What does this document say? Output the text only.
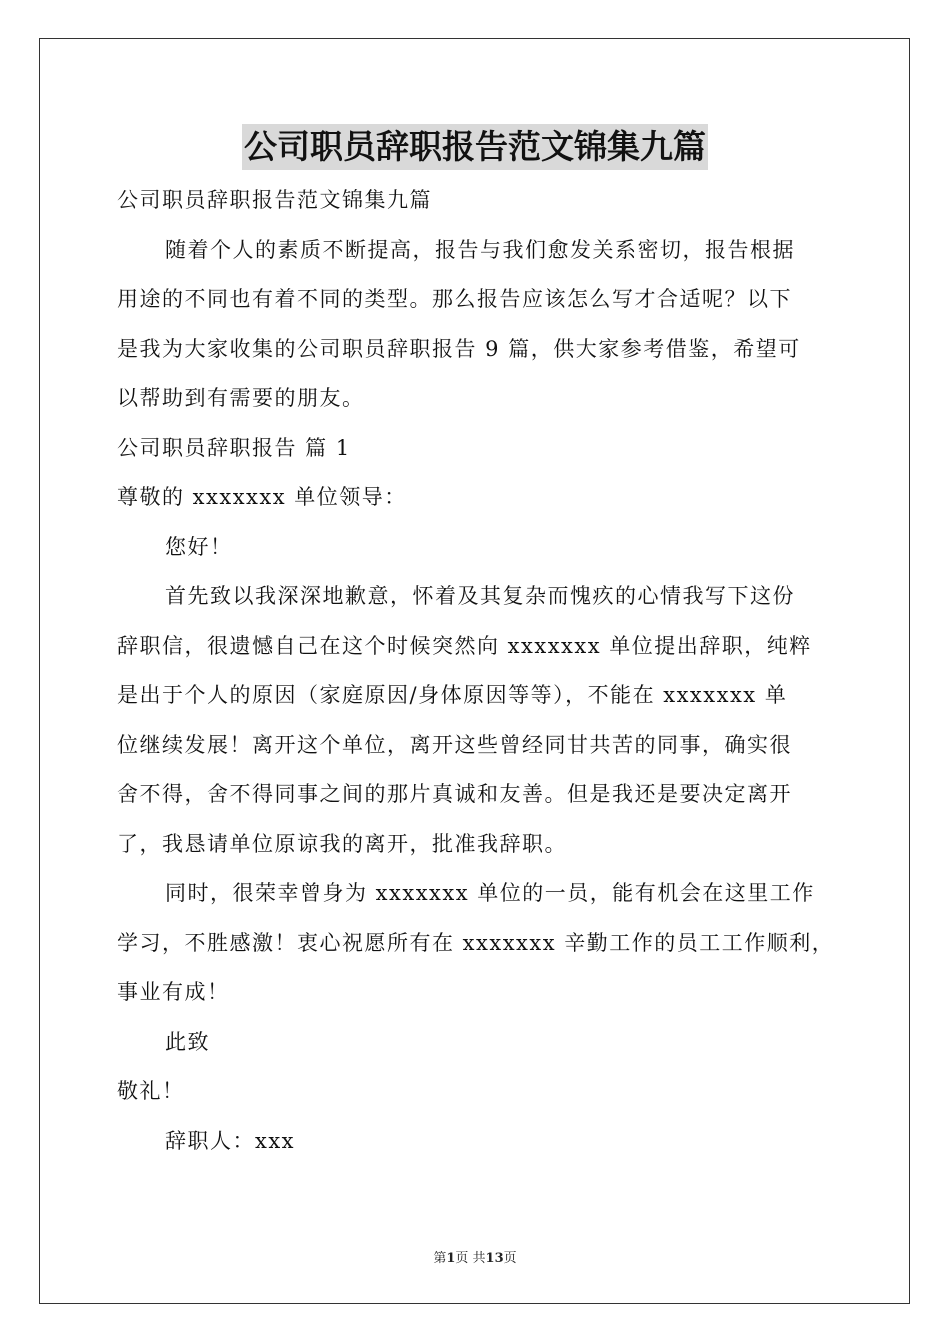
公司职员辞职报告范文锦集九篇
公司职员辞职报告范文锦集九篇
随着个人的素质不断提高，报告与我们愈发关系密切，报告根据
用途的不同也有着不同的类型。那么报告应该怎么写才合适呢？以下
是我为大家收集的公司职员辞职报告 9 篇，供大家参考借鉴，希望可
以帮助到有需要的朋友。
公司职员辞职报告 篇 1
尊敬的 xxxxxxx 单位领导：
您好！
首先致以我深深地歉意，怀着及其复杂而愧疚的心情我写下这份
辞职信，很遗憾自己在这个时候突然向 xxxxxxx 单位提出辞职，纯粹
是出于个人的原因（家庭原因/身体原因等等），不能在 xxxxxxx 单
位继续发展！离开这个单位，离开这些曾经同甘共苦的同事，确实很
舍不得，舍不得同事之间的那片真诚和友善。但是我还是要决定离开
了，我恳请单位原谅我的离开，批准我辞职。
同时，很荣幸曾身为 xxxxxxx 单位的一员，能有机会在这里工作
学习，不胜感激！衷心祝愿所有在 xxxxxxx 辛勤工作的员工工作顺利，
事业有成！
此致
敬礼！
辞职人：xxx
第1页 共13页
